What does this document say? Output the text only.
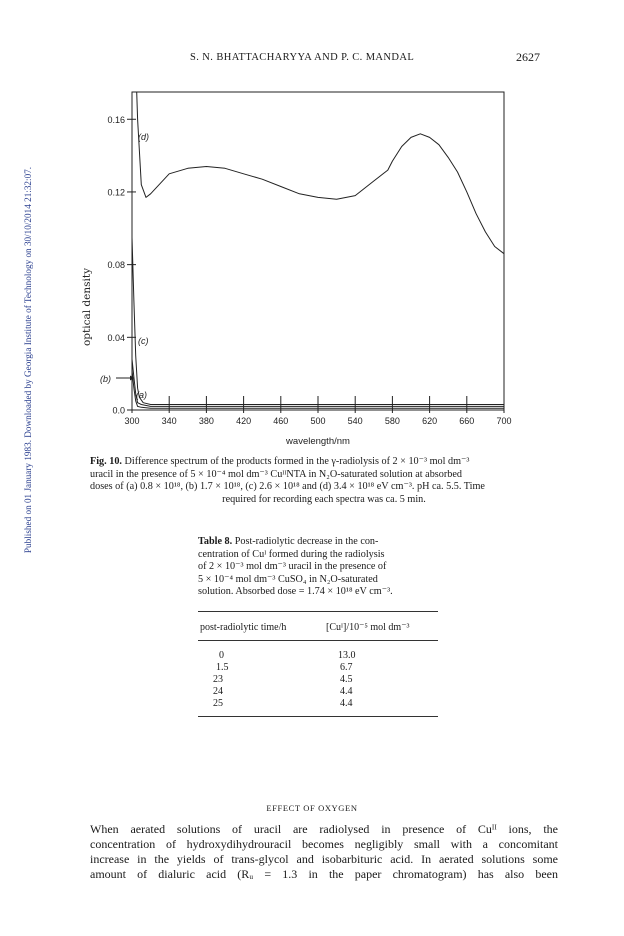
Published on 01 January 1983. Downloaded by Georgia Institute of Technology on 30/10/2014 21:32:07.
S. N. BHATTACHARYYA AND P. C. MANDAL	2627
0.0
0.04
0.08
0.12
0.16
300 340 380 420 460 500 540 580 620 660 700
(a)
(b)
(c)
(d)
optical density
wavelength/nm
Fig. 10. Difference spectrum of the products formed in the γ-radiolysis of 2 × 10⁻³ mol dm⁻³
uracil in the presence of 5 × 10⁻⁴ mol dm⁻³ CuᴵᴵNTA in N₂O-saturated solution at absorbed
doses of (a) 0.8 × 10¹⁸, (b) 1.7 × 10¹⁸, (c) 2.6 × 10¹⁸ and (d) 3.4 × 10¹⁸ eV cm⁻³. pH ca. 5.5. Time
required for recording each spectra was ca. 5 min.
Table 8. Post-radiolytic decrease in the con-
centration of Cuᴵ formed during the radiolysis
of 2 × 10⁻³ mol dm⁻³ uracil in the presence of
5 × 10⁻⁴ mol dm⁻³ CuSO₄ in N₂O-saturated
solution. Absorbed dose = 1.74 × 10¹⁸ eV cm⁻³.
post-radiolytic time/h	[Cuᴵ]/10⁻⁵ mol dm⁻³
0	13.0
1.5	6.7
23	4.5
24	4.4
25	4.4
EFFECT OF OXYGEN
When aerated solutions of uracil are radiolysed in presence of Cuᴵᴵ ions, the
concentration of hydroxydihydrouracil becomes negligibly small with a concomitant
increase in the yields of trans-glycol and isobarbituric acid. In aerated solutions some
amount of dialuric acid (Rᵤ = 1.3 in the paper chromatogram) has also been
